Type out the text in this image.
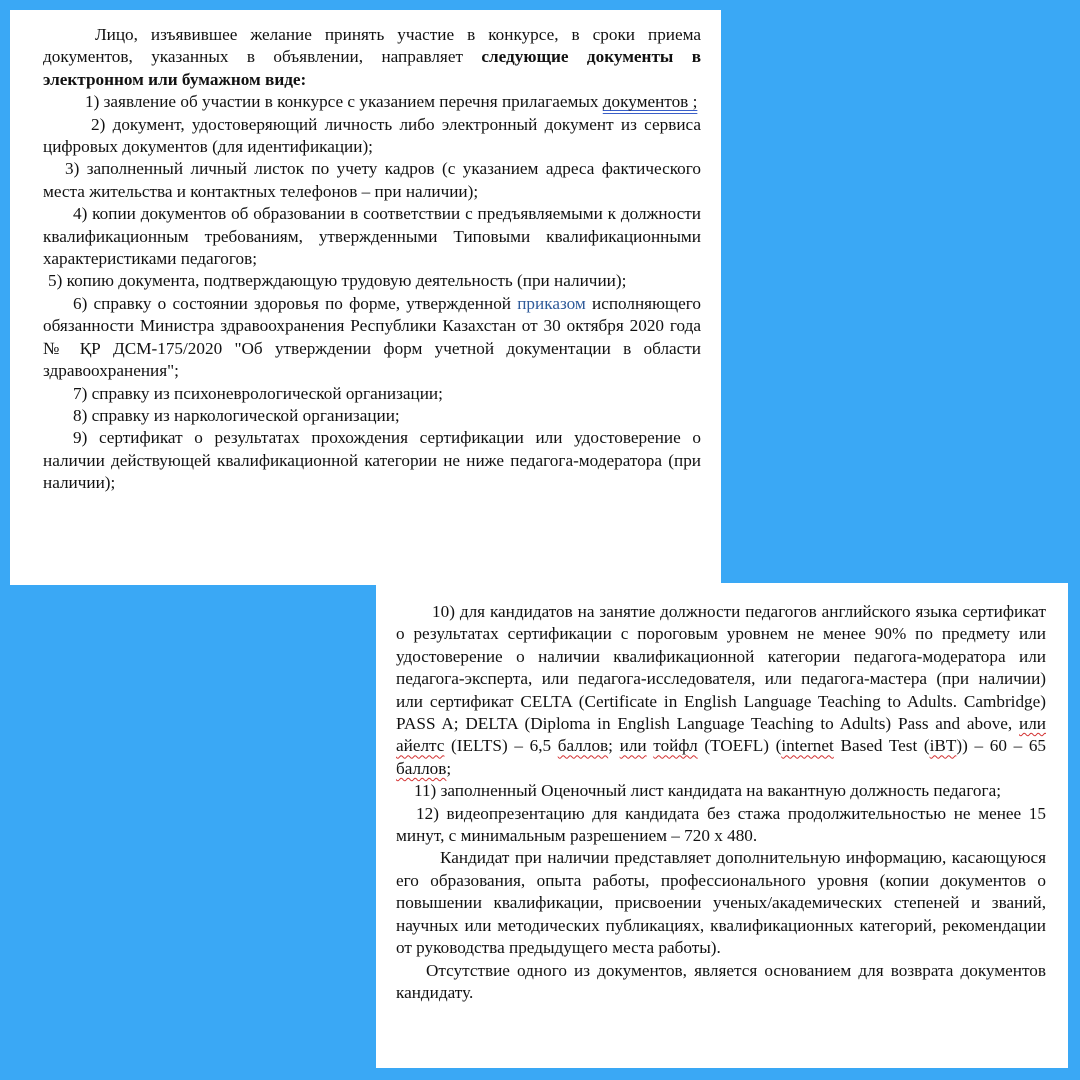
Лицо, изъявившее желание принять участие в конкурсе, в сроки приема документов, указанных в объявлении, направляет следующие документы в электронном или бумажном виде:

1) заявление об участии в конкурсе с указанием перечня прилагаемых документов ;

2) документ, удостоверяющий личность либо электронный документ из сервиса цифровых документов (для идентификации);

3) заполненный личный листок по учету кадров (с указанием адреса фактического места жительства и контактных телефонов – при наличии);

4) копии документов об образовании в соответствии с предъявляемыми к должности квалификационным требованиям, утвержденными Типовыми квалификационными характеристиками педагогов;

5) копию документа, подтверждающую трудовую деятельность (при наличии);

6) справку о состоянии здоровья по форме, утвержденной приказом исполняющего обязанности Министра здравоохранения Республики Казахстан от 30 октября 2020 года № ҚР ДСМ-175/2020 "Об утверждении форм учетной документации в области здравоохранения";

7) справку из психоневрологической организации;

8) справку из наркологической организации;

9) сертификат о результатах прохождения сертификации или удостоверение о наличии действующей квалификационной категории не ниже педагога-модератора (при наличии);

10) для кандидатов на занятие должности педагогов английского языка сертификат о результатах сертификации с пороговым уровнем не менее 90% по предмету или удостоверение о наличии квалификационной категории педагога-модератора или педагога-эксперта, или педагога-исследователя, или педагога-мастера (при наличии) или сертификат CELTA (Certificate in English Language Teaching to Adults. Cambridge) PASS A; DELTA (Diploma in English Language Teaching to Adults) Pass and above, или айелтс (IELTS) – 6,5 баллов; или тойфл (TOEFL) (internet Based Test (iBT)) – 60 – 65 баллов;

11) заполненный Оценочный лист кандидата на вакантную должность педагога;

12) видеопрезентацию для кандидата без стажа продолжительностью не менее 15 минут, с минимальным разрешением – 720 x 480.

Кандидат при наличии представляет дополнительную информацию, касающуюся его образования, опыта работы, профессионального уровня (копии документов о повышении квалификации, присвоении ученых/академических степеней и званий, научных или методических публикациях, квалификационных категорий, рекомендации от руководства предыдущего места работы).

Отсутствие одного из документов, является основанием для возврата документов кандидату.
